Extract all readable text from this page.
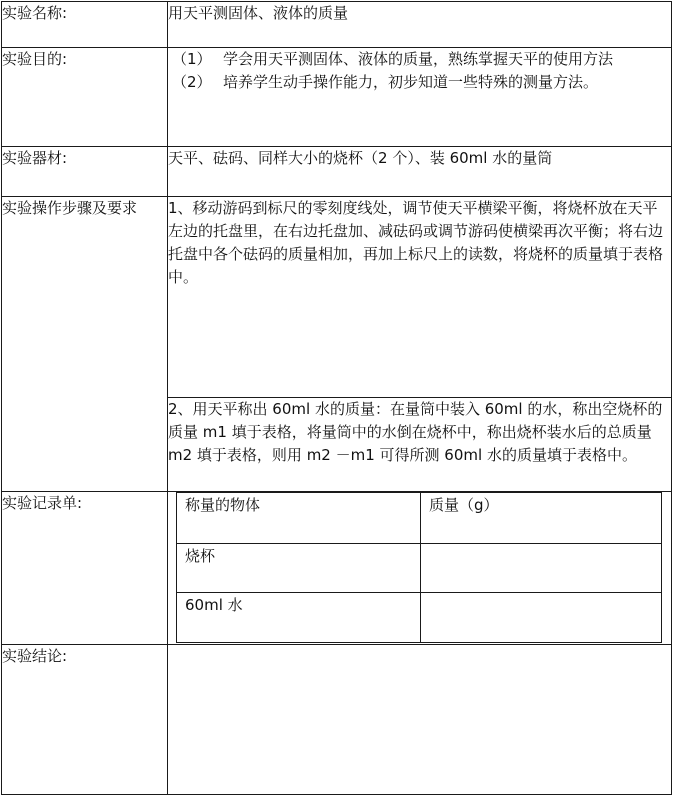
实验名称:	用天平测固体、液体的质量
实验目的:	（1） 学会用天平测固体、液体的质量，熟练掌握天平的使用方法
（2） 培养学生动手操作能力，初步知道一些特殊的测量方法。

实验器材:	天平、砝码、同样大小的烧杯（2 个）、装 60ml 水的量筒
实验操作步骤及要求	1、移动游码到标尺的零刻度线处，调节使天平横梁平衡，将烧杯放在天平左边的托盘里，在右边托盘加、减砝码或调节游码使横梁再次平衡；将右边托盘中各个砝码的质量相加，再加上标尺上的读数，将烧杯的质量填于表格中。

2、用天平称出 60ml 水的质量：在量筒中装入 60ml 的水，称出空烧杯的质量 m1 填于表格，将量筒中的水倒在烧杯中，称出烧杯装水后的总质量 m2 填于表格，则用 m2 －m1 可得所测 60ml 水的质量填于表格中。

实验记录单:		称量的物体	质量（g）
烧杯	
60ml 水	

实验结论:	
